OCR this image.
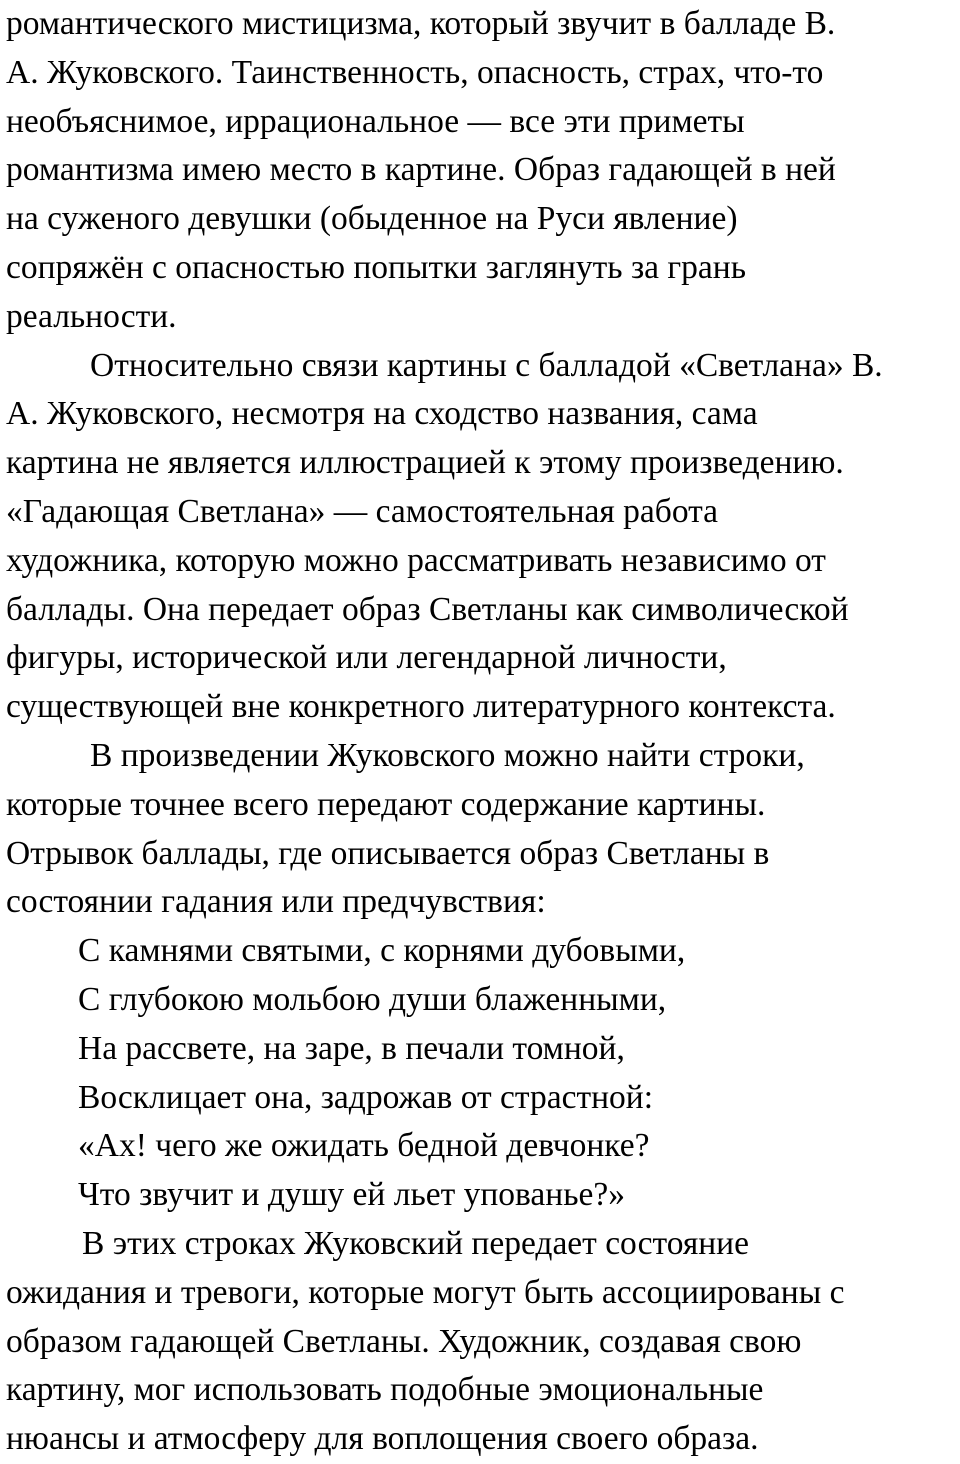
романтического мистицизма, который звучит в балладе В.
А. Жуковского. Таинственность, опасность, страх, что-то
необъяснимое, иррациональное — все эти приметы
романтизма имею место в картине. Образ гадающей в ней
на суженого девушки (обыденное на Руси явление)
сопряжён с опасностью попытки заглянуть за грань
реальности.
Относительно связи картины с балладой «Светлана» В.
А. Жуковского, несмотря на сходство названия, сама
картина не является иллюстрацией к этому произведению.
«Гадающая Светлана» — самостоятельная работа
художника, которую можно рассматривать независимо от
баллады. Она передает образ Светланы как символической
фигуры, исторической или легендарной личности,
существующей вне конкретного литературного контекста.
В произведении Жуковского можно найти строки,
которые точнее всего передают содержание картины.
Отрывок баллады, где описывается образ Светланы в
состоянии гадания или предчувствия:
С камнями святыми, с корнями дубовыми,
С глубокою мольбою души блаженными,
На рассвете, на заре, в печали томной,
Восклицает она, задрожав от страстной:
«Ах! чего же ожидать бедной девчонке?
Что звучит и душу ей льет упованье?»
В этих строках Жуковский передает состояние
ожидания и тревоги, которые могут быть ассоциированы с
образом гадающей Светланы. Художник, создавая свою
картину, мог использовать подобные эмоциональные
нюансы и атмосферу для воплощения своего образа.
